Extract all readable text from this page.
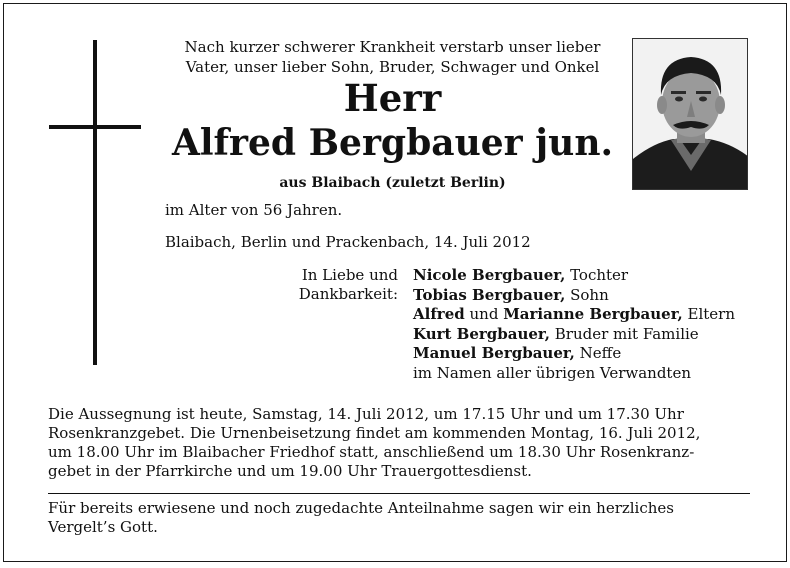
Nach kurzer schwerer Krankheit verstarb unser lieber
Vater, unser lieber Sohn, Bruder, Schwager und Onkel
Herr
Alfred Bergbauer jun.
aus Blaibach (zuletzt Berlin)
im Alter von 56 Jahren.
Blaibach, Berlin und Prackenbach, 14. Juli 2012
In Liebe und
Dankbarkeit:
Nicole Bergbauer, Tochter
Tobias Bergbauer, Sohn
Alfred und Marianne Bergbauer, Eltern
Kurt Bergbauer, Bruder mit Familie
Manuel Bergbauer, Neffe
im Namen aller übrigen Verwandten

Die Aussegnung ist heute, Samstag, 14. Juli 2012, um 17.15 Uhr und um 17.30 Uhr
Rosenkranzgebet. Die Urnenbeisetzung findet am kommenden Montag, 16. Juli 2012,
um 18.00 Uhr im Blaibacher Friedhof statt, anschließend um 18.30 Uhr Rosenkranz-
gebet in der Pfarrkirche und um 19.00 Uhr Trauergottesdienst.

Für bereits erwiesene und noch zugedachte Anteilnahme sagen wir ein herzliches
Vergelt’s Gott.
